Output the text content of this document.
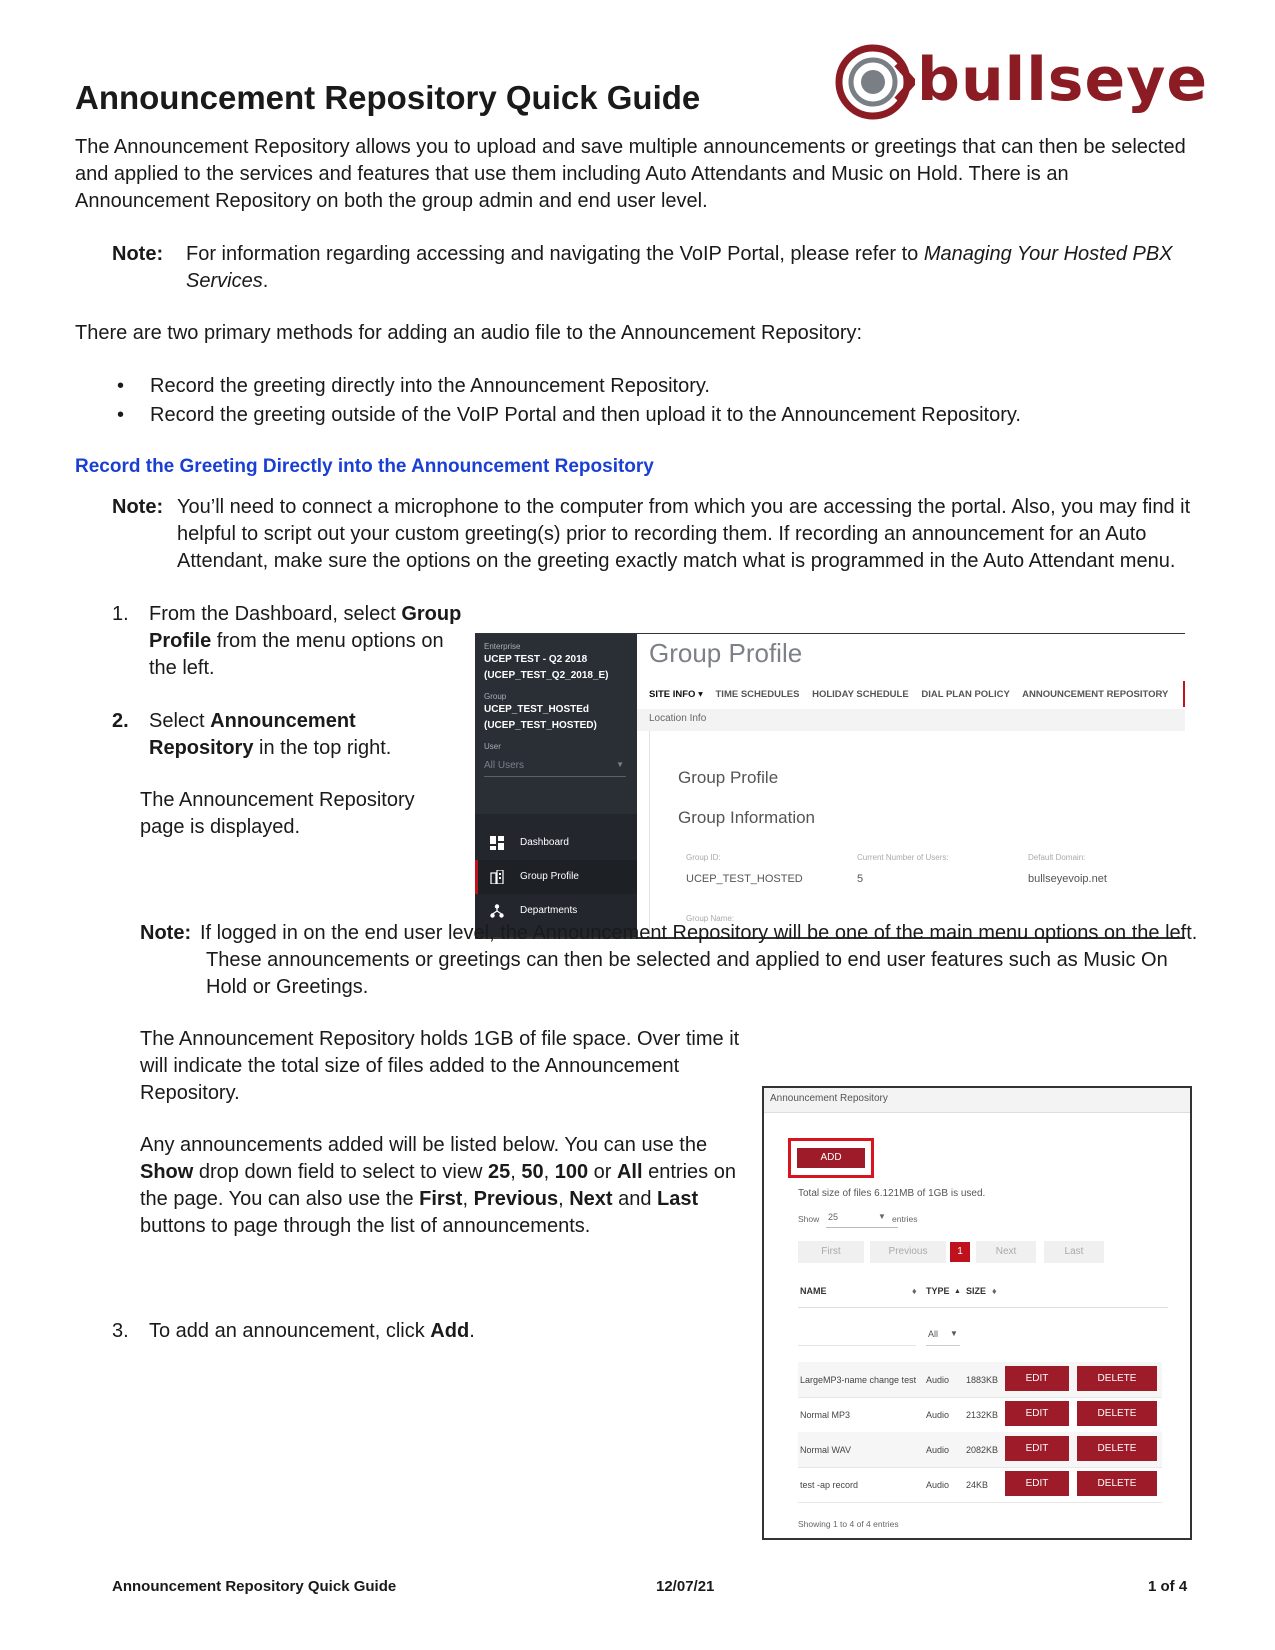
Announcement Repository Quick Guide	bullseye

The Announcement Repository allows you to upload and save multiple announcements or greetings that can then be selected and applied to the services and features that use them including Auto Attendants and Music on Hold. There is an Announcement Repository on both the group admin and end user level.

Note: For information regarding accessing and navigating the VoIP Portal, please refer to Managing Your Hosted PBX Services.

There are two primary methods for adding an audio file to the Announcement Repository:

• Record the greeting directly into the Announcement Repository.
• Record the greeting outside of the VoIP Portal and then upload it to the Announcement Repository.
Record the Greeting Directly into the Announcement Repository
Note: You’ll need to connect a microphone to the computer from which you are accessing the portal. Also, you may find it helpful to script out your custom greeting(s) prior to recording them. If recording an announcement for an Auto Attendant, make sure the options on the greeting exactly match what is programmed in the Auto Attendant menu.
1. From the Dashboard, select Group Profile from the menu options on the left.
2. Select Announcement Repository in the top right.

The Announcement Repository page is displayed.

Enterprise
UCEP TEST - Q2 2018
(UCEP_TEST_Q2_2018_E)
Group
UCEP_TEST_HOSTEd
(UCEP_TEST_HOSTED)
User
All Users	▼
Dashboard
Group Profile
Departments
Group Profile
SITE INFO ▾ TIME SCHEDULES HOLIDAY SCHEDULE DIAL PLAN POLICY ANNOUNCEMENT REPOSITORY
Location Info
Group Profile
Group Information
Group ID:
UCEP_TEST_HOSTED
Current Number of Users:
5
Default Domain:
bullseyevoip.net
Group Name:
Note: If logged in on the end user level, the Announcement Repository will be one of the main menu options on the left. These announcements or greetings can then be selected and applied to end user features such as Music On Hold or Greetings.

The Announcement Repository holds 1GB of file space. Over time it will indicate the total size of files added to the Announcement Repository.

Any announcements added will be listed below. You can use the Show drop down field to select to view 25, 50, 100 or All entries on the page. You can also use the First, Previous, Next and Last buttons to page through the list of announcements.

3. To add an announcement, click Add.
Announcement Repository
ADD
Total size of files 6.121MB of 1GB is used.
Show 25	▼ entries
First	Previous	1	Next	Last
NAME	♦ TYPE ▲ SIZE ♦
All ▼
LargeMP3-name change test Audio 1883KB	EDIT	DELETE
Normal MP3	Audio 2132KB	EDIT	DELETE
Normal WAV	Audio 2082KB	EDIT	DELETE
test -ap record	Audio 24KB	EDIT	DELETE
Showing 1 to 4 of 4 entries
Announcement Repository Quick Guide	12/07/21	1 of 4
